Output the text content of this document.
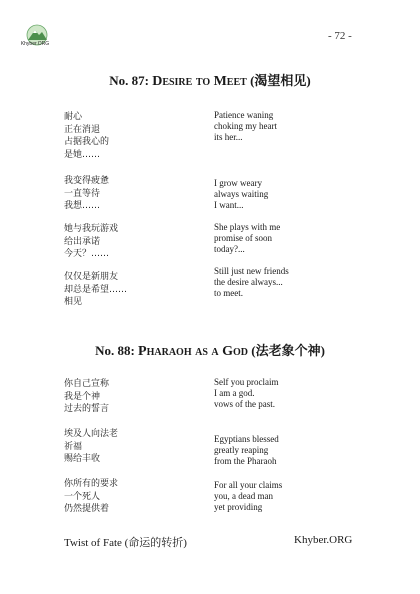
Khyber.ORG
- 72 -
No. 87: Desire to Meet (渴望相见)
耐心
正在消退
占据我心的
是她……
我变得疲惫
一直等待
我想……
她与我玩游戏
给出承诺
今天？……
仅仅是新朋友
却总是希望……
相见
Patience waning
choking my heart
its her...
I grow weary
always waiting
I want...
She plays with me
promise of soon
today?...
Still just new friends
the desire always...
to meet.
No. 88: Pharaoh as a God (法老象个神)
你自己宣称
我是个神
过去的誓言
埃及人向法老
祈福
赐给丰收
你所有的要求
一个死人
仍然提供着
Self you proclaim
I am a god.
vows of the past.
Egyptians blessed
greatly reaping
from the Pharaoh
For all your claims
you, a dead man
yet providing
Twist of Fate (命运的转折)	Khyber.ORG
